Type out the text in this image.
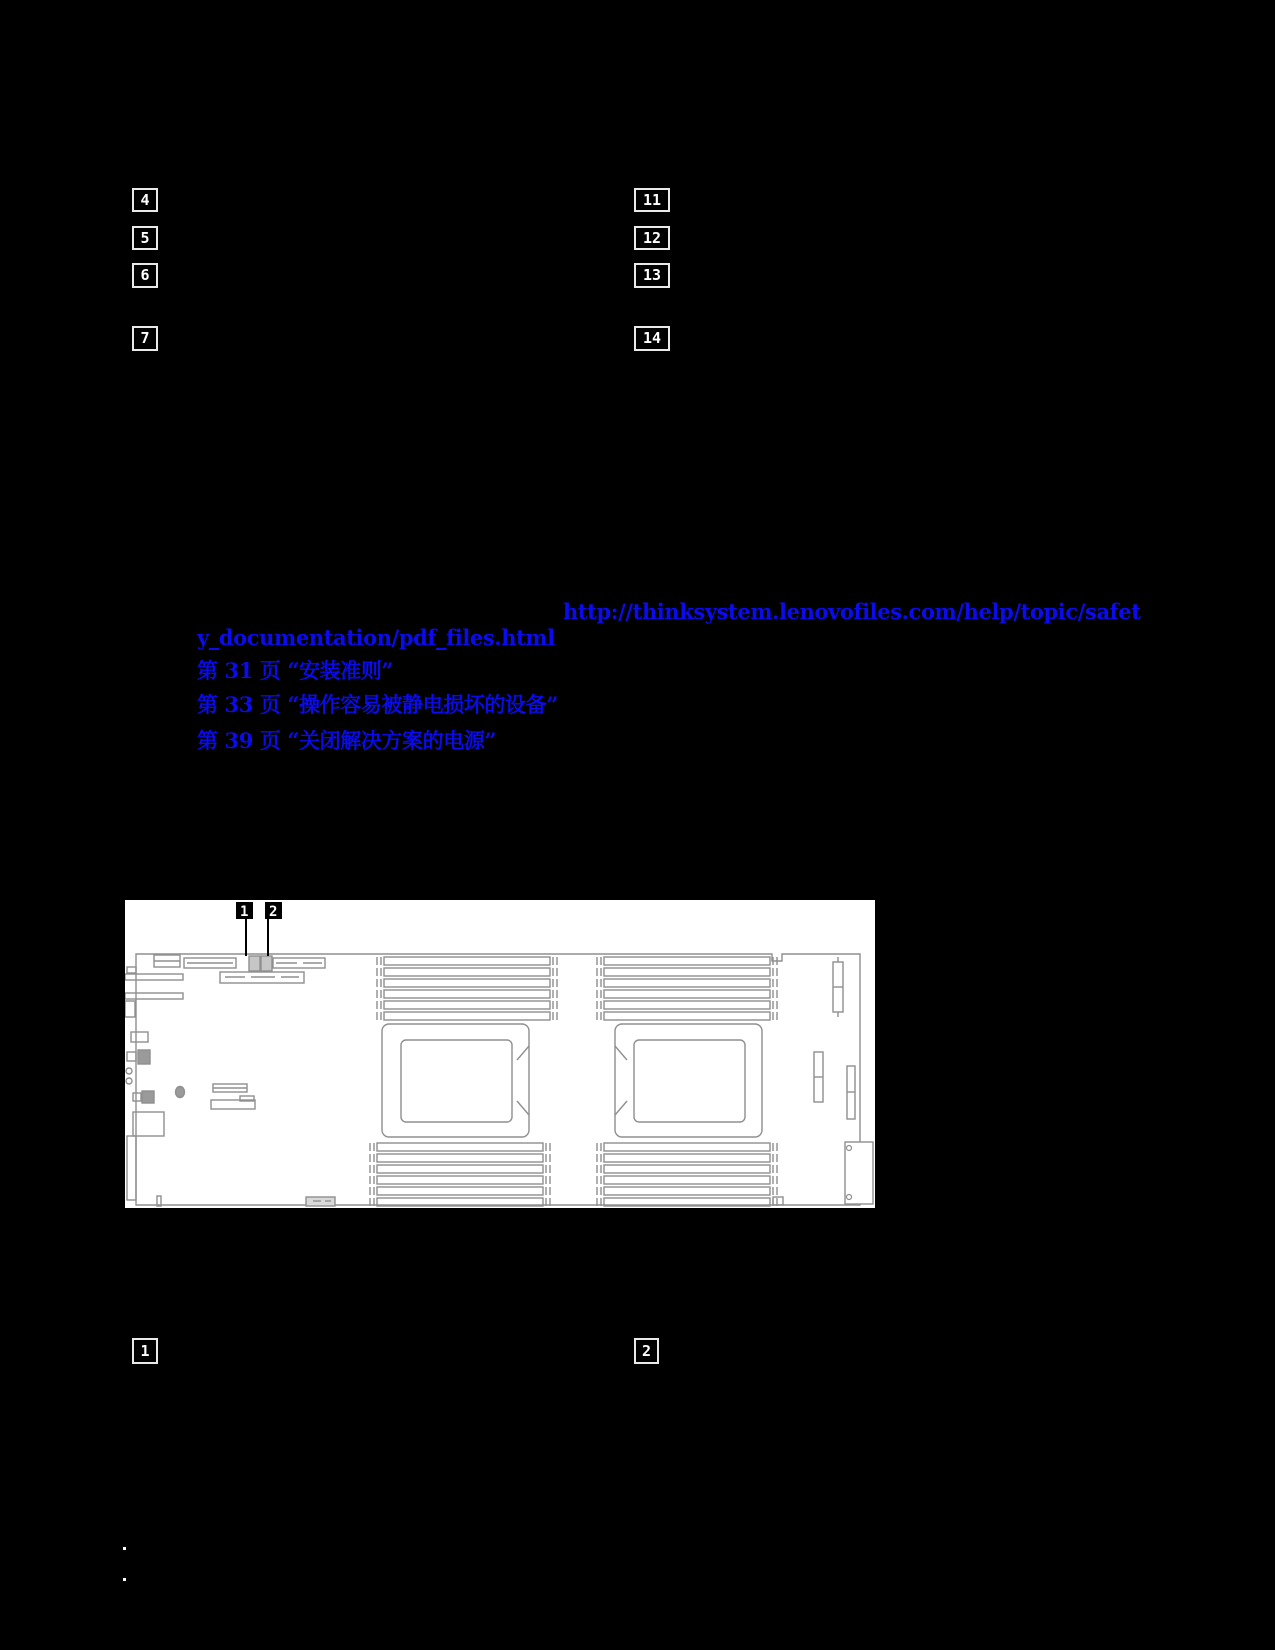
4
5
6
7
11
12
13
14
http://thinksystem.lenovofiles.com/help/topic/safet
y_documentation/pdf_files.html
第 31 页 “安装准则”
第 33 页 “操作容易被静电损坏的设备”
第 39 页 “关闭解决方案的电源”
1 2
1	2
